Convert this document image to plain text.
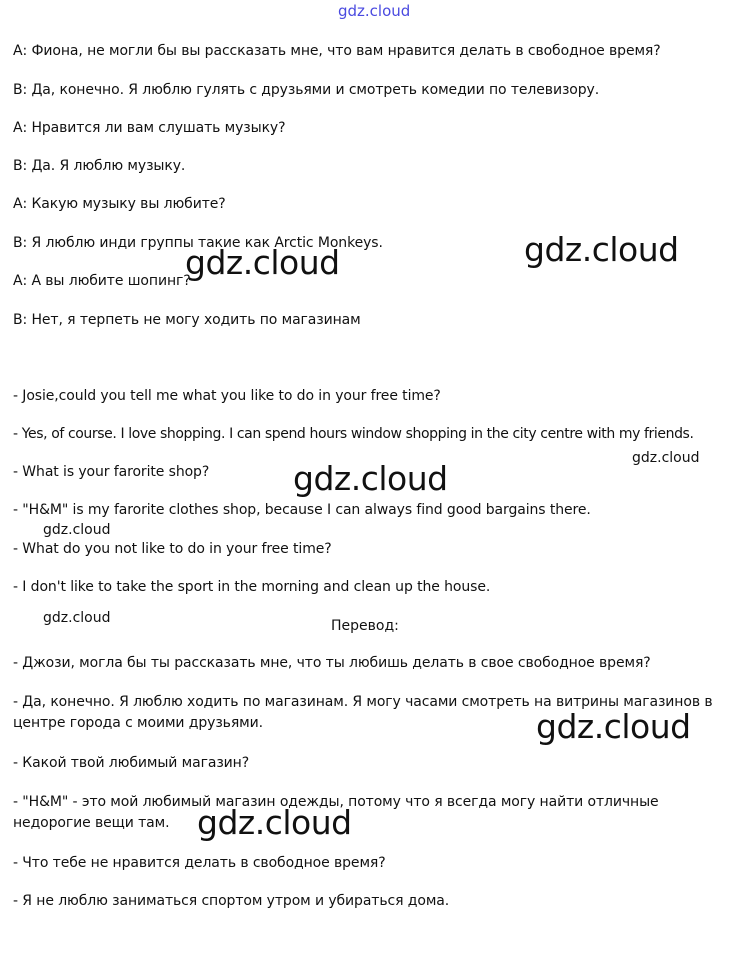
gdz.cloud
А: Фиона, не могли бы вы рассказать мне, что вам нравится делать в свободное время?
В: Да, конечно. Я люблю гулять с друзьями и смотреть комедии по телевизору.
А: Нравится ли вам слушать музыку?
В: Да. Я люблю музыку.
А: Какую музыку вы любите?
В: Я люблю инди группы такие как Arctic Monkeys.
А: А вы любите шопинг?
В: Нет, я терпеть не могу ходить по магазинам
- Josie,could you tell me what you like to do in your free time?
- Yes, of course. I love shopping. I can spend hours window shopping in the city centre with my friends.
- What is your farorite shop?
- "H&M" is my farorite clothes shop, because I can always find good bargains there.
- What do you not like to do in your free time?
- I don't like to take the sport in the morning and clean up the house.
Перевод:
- Джози, могла бы ты рассказать мне, что ты любишь делать в свое свободное время?
- Да, конечно. Я люблю ходить по магазинам. Я могу часами смотреть на витрины магазинов в центре города с моими друзьями.
- Какой твой любимый магазин?
- "H&M" - это мой любимый магазин одежды, потому что я всегда могу найти отличные недорогие вещи там.
- Что тебе не нравится делать в свободное время?
- Я не люблю заниматься спортом утром и убираться дома.
gdz.cloud	gdz.cloud
gdz.cloud
gdz.cloud
gdz.cloud
gdz.cloud
gdz.cloud
gdz.cloud
